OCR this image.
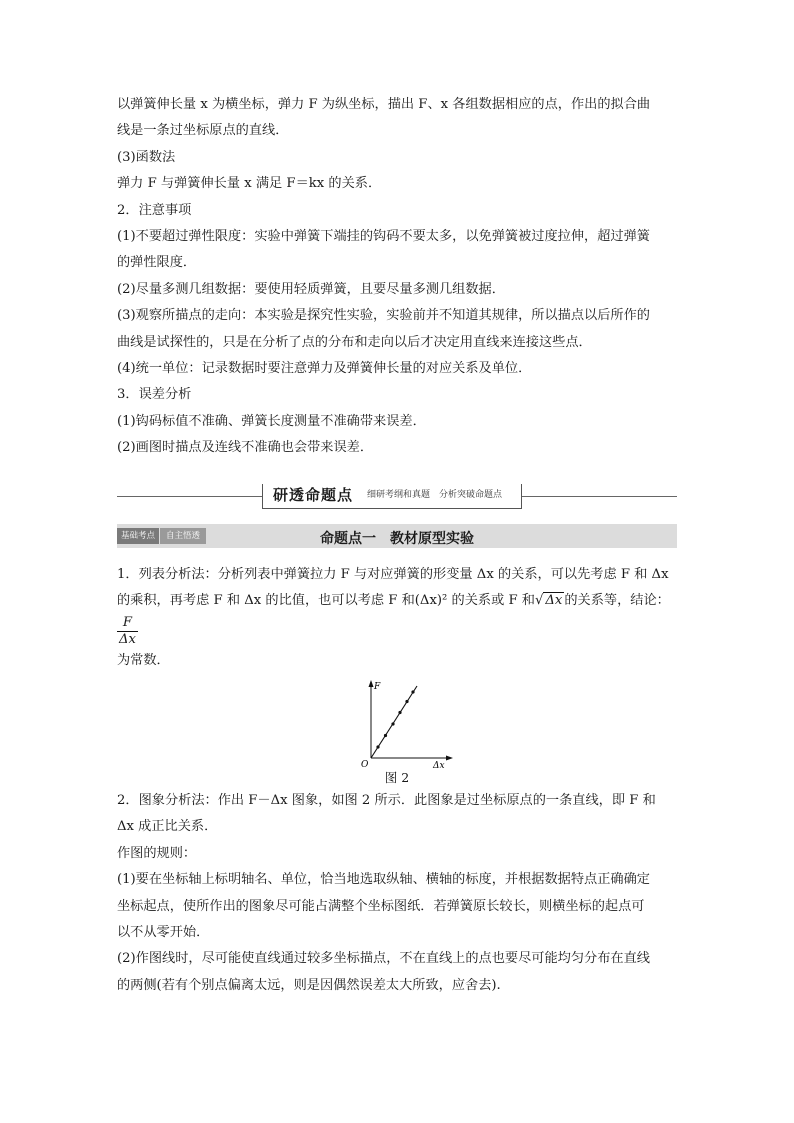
以弹簧伸长量 x 为横坐标，弹力 F 为纵坐标，描出 F、x 各组数据相应的点，作出的拟合曲

线是一条过坐标原点的直线．

(3)函数法

弹力 F 与弹簧伸长量 x 满足 F＝kx 的关系．

2．注意事项

(1)不要超过弹性限度：实验中弹簧下端挂的钩码不要太多，以免弹簧被过度拉伸，超过弹簧

的弹性限度．

(2)尽量多测几组数据：要使用轻质弹簧，且要尽量多测几组数据．

(3)观察所描点的走向：本实验是探究性实验，实验前并不知道其规律，所以描点以后所作的

曲线是试探性的，只是在分析了点的分布和走向以后才决定用直线来连接这些点．

(4)统一单位：记录数据时要注意弹力及弹簧伸长量的对应关系及单位．

3．误差分析

(1)钩码标值不准确、弹簧长度测量不准确带来误差．

(2)画图时描点及连线不准确也会带来误差．

研透命题点 细研考纲和真题　分析突破命题点
基础考点	自主悟透	命题点一　教材原型实验

1．列表分析法：分析列表中弹簧拉力 F 与对应弹簧的形变量 Δx 的关系，可以先考虑 F 和 Δx

的乘积，再考虑 F 和 Δx 的比值，也可以考虑 F 和(Δx)² 的关系或 F 和√ Δx 的关系等，结论：
$\frac{F}{\Delta x}$

为常数．

F
Δx
O
图 2

2．图象分析法：作出 F－Δx 图象，如图 2 所示．此图象是过坐标原点的一条直线，即 F 和

Δx 成正比关系．

作图的规则：

(1)要在坐标轴上标明轴名、单位，恰当地选取纵轴、横轴的标度，并根据数据特点正确确定

坐标起点，使所作出的图象尽可能占满整个坐标图纸．若弹簧原长较长，则横坐标的起点可

以不从零开始．

(2)作图线时，尽可能使直线通过较多坐标描点，不在直线上的点也要尽可能均匀分布在直线

的两侧(若有个别点偏离太远，则是因偶然误差太大所致，应舍去).
